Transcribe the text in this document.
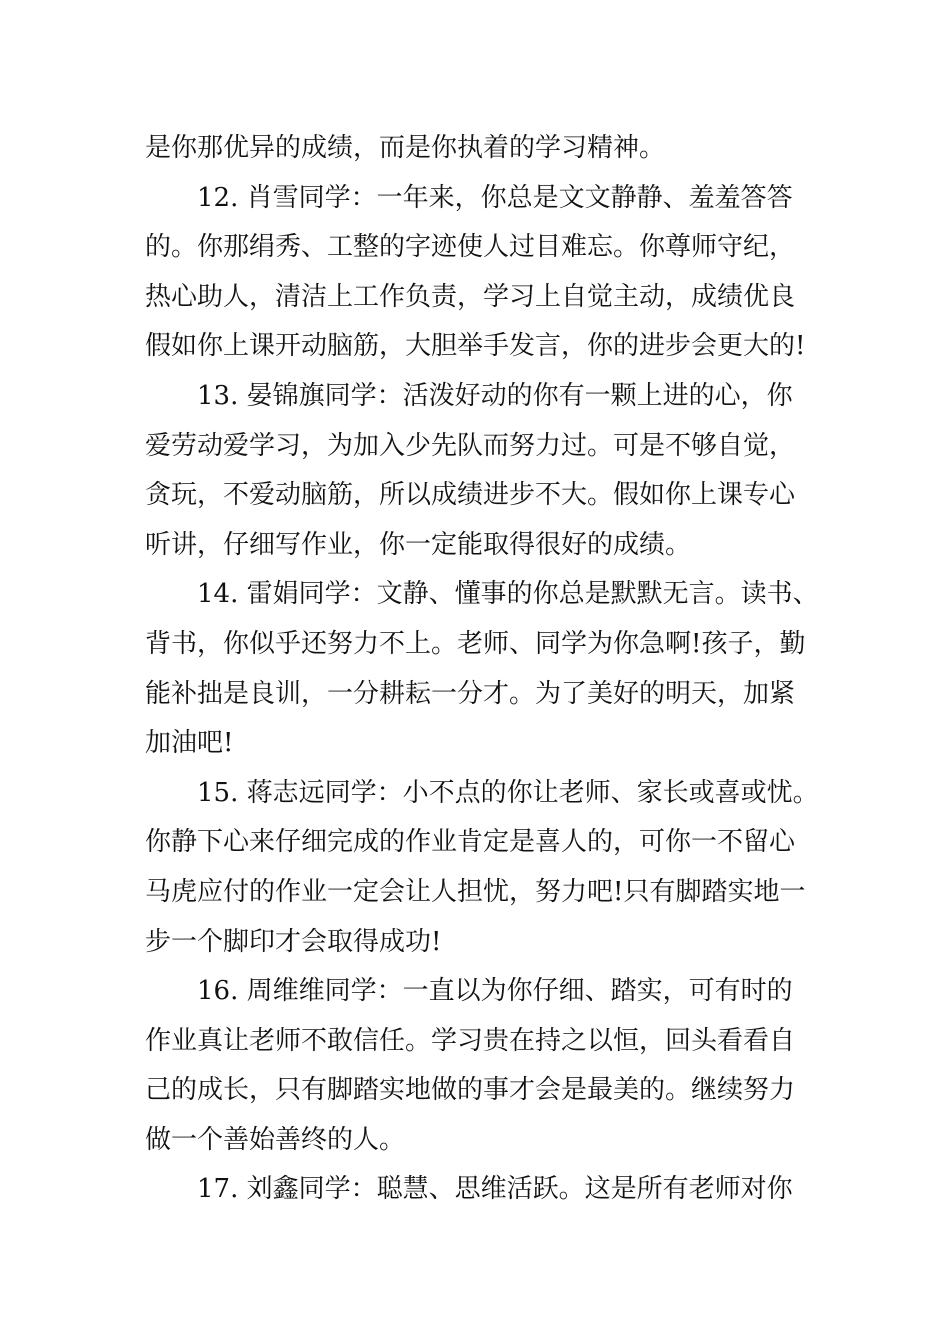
是你那优异的成绩，而是你执着的学习精神。
12. 肖雪同学：一年来，你总是文文静静、羞羞答答
的。你那绢秀、工整的字迹使人过目难忘。你尊师守纪，
热心助人，清洁上工作负责，学习上自觉主动，成绩优良
假如你上课开动脑筋，大胆举手发言，你的进步会更大的!
13. 晏锦旗同学：活泼好动的你有一颗上进的心，你
爱劳动爱学习，为加入少先队而努力过。可是不够自觉，
贪玩，不爱动脑筋，所以成绩进步不大。假如你上课专心
听讲，仔细写作业，你一定能取得很好的成绩。
14. 雷娟同学：文静、懂事的你总是默默无言。读书、
背书，你似乎还努力不上。老师、同学为你急啊!孩子，勤
能补拙是良训，一分耕耘一分才。为了美好的明天，加紧
加油吧!
15. 蒋志远同学：小不点的你让老师、家长或喜或忧。
你静下心来仔细完成的作业肯定是喜人的，可你一不留心
马虎应付的作业一定会让人担忧，努力吧!只有脚踏实地一
步一个脚印才会取得成功!
16. 周维维同学：一直以为你仔细、踏实，可有时的
作业真让老师不敢信任。学习贵在持之以恒，回头看看自
己的成长，只有脚踏实地做的事才会是最美的。继续努力
做一个善始善终的人。
17. 刘鑫同学：聪慧、思维活跃。这是所有老师对你
